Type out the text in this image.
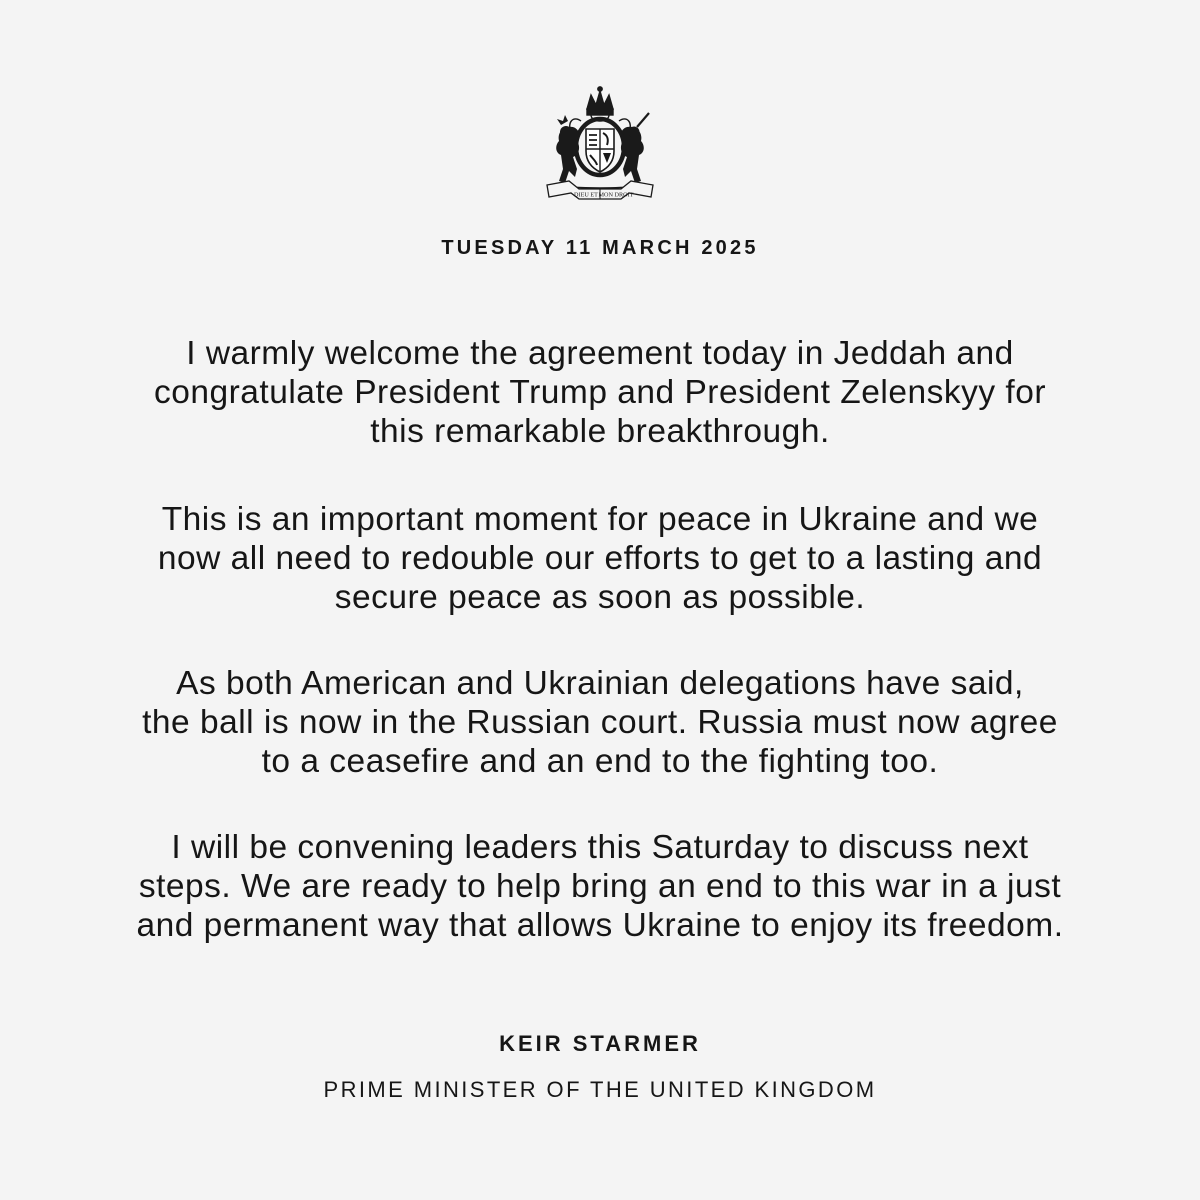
DIEU ET MON DROIT
TUESDAY 11 MARCH 2025

I warmly welcome the agreement today in Jeddah and
congratulate President Trump and President Zelenskyy for
this remarkable breakthrough.

This is an important moment for peace in Ukraine and we
now all need to redouble our efforts to get to a lasting and
secure peace as soon as possible.

As both American and Ukrainian delegations have said,
the ball is now in the Russian court. Russia must now agree
to a ceasefire and an end to the fighting too.

I will be convening leaders this Saturday to discuss next
steps. We are ready to help bring an end to this war in a just
and permanent way that allows Ukraine to enjoy its freedom.

KEIR STARMER
PRIME MINISTER OF THE UNITED KINGDOM
